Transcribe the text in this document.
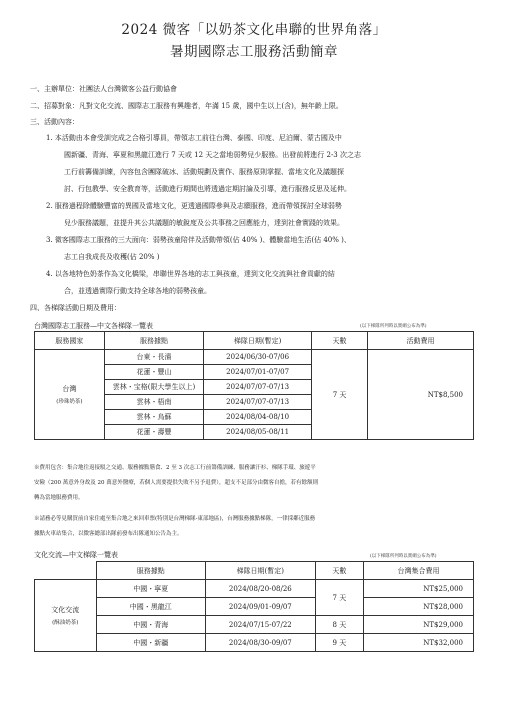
2024 微客「以奶茶文化串聯的世界角落」
暑期國際志工服務活動簡章
一、主辦單位：社團法人台灣微客公益行動協會
二、招募對象：凡對文化交流、國際志工服務有興趣者，年滿 15 歲，國中生以上(含)，無年齡上限。
三、活動內容：
1. 本活動由本會受訓完成之合格引導員，帶領志工前往台灣、泰國、印度、尼泊爾、蒙古國及中
國新疆、青海、寧夏和黑龍江進行 7 天或 12 天之當地弱勢兒少服務。出發前將進行 2-3 次之志
工行前籌備訓練，內容包含團隊破冰、活動規劃及實作、服務原則掌握、當地文化及議題探
討、行包教學、安全教育等，活動進行期間也將透過定期討論及引導，進行服務反思及延伸。
2. 服務過程除體驗豐富的異國及當地文化，更透過國際參與及志願服務，進而帶領探討全球弱勢
兒少服務議題，並提升其公共議題的敏銳度及公共事務之回應能力，達到社會實踐的效果。
3. 微客國際志工服務的三大面向：弱勢孩童陪伴及活動帶領(佔 40% )、體驗當地生活(佔 40% )、
志工自我成長及收穫(佔 20% )
4. 以各地特色奶茶作為文化橋梁，串聯世界各地的志工與孩童，達到文化交流與社會貢獻的結
合，並透過實際行動支持全球各地的弱勢孩童。
四、各梯隊活動日期及費用：
台灣國際志工服務—中文各梯隊一覽表	(以下梯隊所列時以實網公布為準)
服務國家	服務據點	梯隊日期(暫定)	天數	活動費用

台灣
(珍珠奶茶)	台東・長濱	2024/06/30-07/06	7 天	NT$8,500
	花蓮・豐山	2024/07/01-07/07		
	雲林・宝格(限大學生以上)	2024/07/07-07/13		
	雲林・梧南	2024/07/07-07/13		
	雲林・烏蘇	2024/08/04-08/10		
	花蓮・壽豐	2024/08/05-08/11		
※費用包含：集合地往返接駁之交通、服務據點膳食、2 至 3 次志工行前籌備訓練、服務讓汗衫、梯隊手環、旅遊平
安險（200 萬意外身故及 20 萬意外醫療，若個人需要提供失敗不另予退費），超支不足部分由微客自擔，若有餘額則
轉為當地服務費用。
※請務必等見購買前自家住處至集合地之來回車票(特別是台灣梯隊-東部地區)，台灣服務據點梯隊，一律採鄰近服務
據點火車站集合，以微客總部出隊前發布出隊通知公告為主。
文化交流—中文梯隊一覽表	(以下梯隊所列時以實網公布為準)
	服務據點	梯隊日期(暫定)	天數	台灣集合費用

文化交流
(酥油奶茶)	中國・寧夏	2024/08/20-08/26	7 天	NT$25,000
	中國・黑龍江	2024/09/01-09/07		NT$28,000
	中國・青海	2024/07/15-07/22	8 天	NT$29,000
	中國・新疆	2024/08/30-09/07	9 天	NT$32,000
